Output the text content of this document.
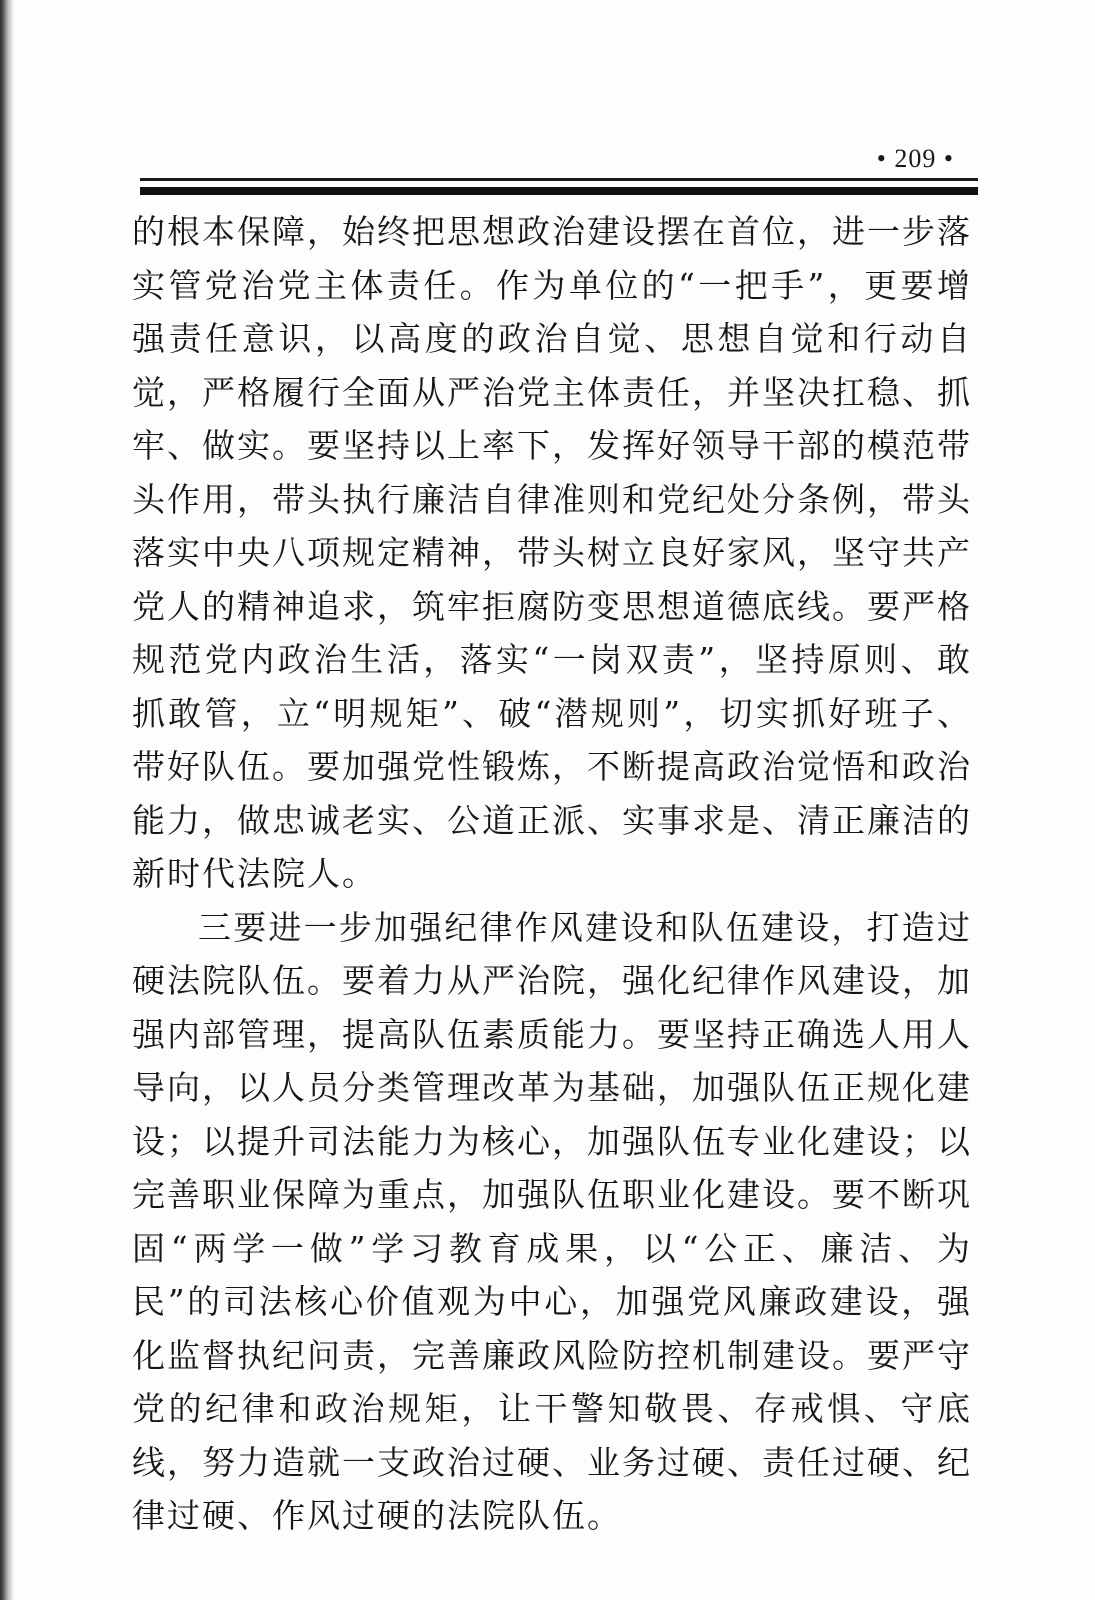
• 209 •

的根本保障，始终把思想政治建设摆在首位，进一步落实管党治党主体责任。作为单位的“一把手”，更要增强责任意识，以高度的政治自觉、思想自觉和行动自觉，严格履行全面从严治党主体责任，并坚决扛稳、抓牢、做实。要坚持以上率下，发挥好领导干部的模范带头作用，带头执行廉洁自律准则和党纪处分条例，带头落实中央八项规定精神，带头树立良好家风，坚守共产党人的精神追求，筑牢拒腐防变思想道德底线。要严格规范党内政治生活，落实“一岗双责”，坚持原则、敢抓敢管，立“明规矩”、破“潜规则”，切实抓好班子、带好队伍。要加强党性锻炼，不断提高政治觉悟和政治能力，做忠诚老实、公道正派、实事求是、清正廉洁的新时代法院人。

三要进一步加强纪律作风建设和队伍建设，打造过硬法院队伍。要着力从严治院，强化纪律作风建设，加强内部管理，提高队伍素质能力。要坚持正确选人用人导向，以人员分类管理改革为基础，加强队伍正规化建设；以提升司法能力为核心，加强队伍专业化建设；以完善职业保障为重点，加强队伍职业化建设。要不断巩固“两学一做”学习教育成果，以“公正、廉洁、为民”的司法核心价值观为中心，加强党风廉政建设，强化监督执纪问责，完善廉政风险防控机制建设。要严守党的纪律和政治规矩，让干警知敬畏、存戒惧、守底线，努力造就一支政治过硬、业务过硬、责任过硬、纪律过硬、作风过硬的法院队伍。
